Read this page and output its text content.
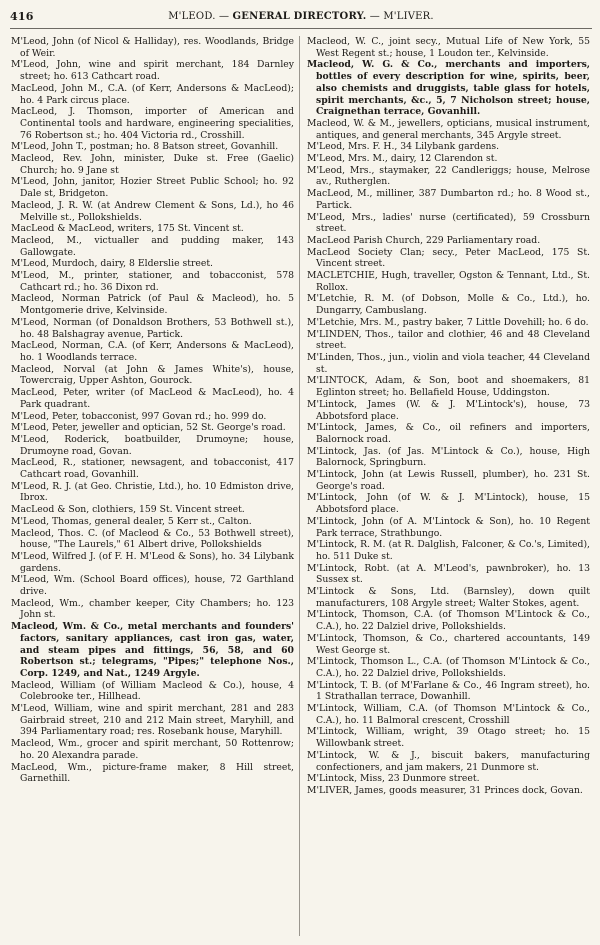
416	M'LEOD. — GENERAL DIRECTORY. — M'LIVER.

M'Leod, John (of Nicol & Halliday), res. Woodlands, Bridge of Weir.

M'Leod, John, wine and spirit merchant, 184 Darnley street; ho. 613 Cathcart road.

MacLeod, John M., C.A. (of Kerr, Andersons & MacLeod); ho. 4 Park circus place.

MacLeod, J. Thomson, importer of American and Continental tools and hardware, engineering specialities, 76 Robertson st.; ho. 404 Victoria rd., Crosshill.

M'Leod, John T., postman; ho. 8 Batson street, Govanhill.

Macleod, Rev. John, minister, Duke st. Free (Gaelic) Church; ho. 9 Jane st

M'Leod, John, janitor, Hozier Street Public School; ho. 92 Dale st, Bridgeton.

Macleod, J. R. W. (at Andrew Clement & Sons, Ld.), ho 46 Melville st., Pollokshields.

MacLeod & MacLeod, writers, 175 St. Vincent st.

Macleod, M., victualler and pudding maker, 143 Gallowgate.

M'Leod, Murdoch, dairy, 8 Elderslie street.

M'Leod, M., printer, stationer, and tobacconist, 578 Cathcart rd.; ho. 36 Dixon rd.

Macleod, Norman Patrick (of Paul & Macleod), ho. 5 Montgomerie drive, Kelvinside.

M'Leod, Norman (of Donaldson Brothers, 53 Bothwell st.), ho. 48 Balshagray avenue, Partick.

MacLeod, Norman, C.A. (of Kerr, Andersons & MacLeod), ho. 1 Woodlands terrace.

Macleod, Norval (at John & James White's), house, Towercraig, Upper Ashton, Gourock.

MacLeod, Peter, writer (of MacLeod & MacLeod), ho. 4 Park quadrant.

M'Leod, Peter, tobacconist, 997 Govan rd.; ho. 999 do.

M'Leod, Peter, jeweller and optician, 52 St. George's road.

M'Leod, Roderick, boatbuilder, Drumoyne; house, Drumoyne road, Govan.

MacLeod, R., stationer, newsagent, and tobacconist, 417 Cathcart road, Govanhill.

M'Leod, R. J. (at Geo. Christie, Ltd.), ho. 10 Edmiston drive, Ibrox.

MacLeod & Son, clothiers, 159 St. Vincent street.

M'Leod, Thomas, general dealer, 5 Kerr st., Calton.

Macleod, Thos. C. (of Macleod & Co., 53 Bothwell street), house, "The Laurels," 61 Albert drive, Pollokshields

M'Leod, Wilfred J. (of F. H. M'Leod & Sons), ho. 34 Lilybank gardens.

M'Leod, Wm. (School Board offices), house, 72 Garthland drive.

Macleod, Wm., chamber keeper, City Chambers; ho. 123 John st.

Macleod, Wm. & Co., metal merchants and founders' factors, sanitary appliances, cast iron gas, water, and steam pipes and fittings, 56, 58, and 60 Robertson st.; telegrams, "Pipes;" telephone Nos., Corp. 1249, and Nat., 1249 Argyle.

Macleod, William (of William Macleod & Co.), house, 4 Colebrooke ter., Hillhead.

M'Leod, William, wine and spirit merchant, 281 and 283 Gairbraid street, 210 and 212 Main street, Maryhill, and 394 Parliamentary road; res. Rosebank house, Maryhill.

Macleod, Wm., grocer and spirit merchant, 50 Rottenrow; ho. 20 Alexandra parade.

MacLeod, Wm., picture-frame maker, 8 Hill street, Garnethill.

Macleod, W. C., joint secy., Mutual Life of New York, 55 West Regent st.; house, 1 Loudon ter., Kelvinside.

Macleod, W. G. & Co., merchants and importers, bottles of every description for wine, spirits, beer, also chemists and druggists, table glass for hotels, spirit merchants, &c., 5, 7 Nicholson street; house, Craignethan terrace, Govanhill.

Macleod, W. & M., jewellers, opticians, musical instrument, antiques, and general merchants, 345 Argyle street.

M'Leod, Mrs. F. H., 34 Lilybank gardens.

M'Leod, Mrs. M., dairy, 12 Clarendon st.

M'Leod, Mrs., staymaker, 22 Candleriggs; house, Melrose av., Rutherglen.

MacLeod, M., milliner, 387 Dumbarton rd.; ho. 8 Wood st., Partick.

M'Leod, Mrs., ladies' nurse (certificated), 59 Crossburn street.

MacLeod Parish Church, 229 Parliamentary road.

MacLeod Society Clan; secy., Peter MacLeod, 175 St. Vincent street.

MACLETCHIE, Hugh, traveller, Ogston & Tennant, Ltd., St. Rollox.

M'Letchie, R. M. (of Dobson, Molle & Co., Ltd.), ho. Dungarry, Cambuslang.

M'Letchie, Mrs. M., pastry baker, 7 Little Dovehill; ho. 6 do.

M'LINDEN, Thos., tailor and clothier, 46 and 48 Cleveland street.

M'Linden, Thos., jun., violin and viola teacher, 44 Cleveland st.

M'LINTOCK, Adam, & Son, boot and shoemakers, 81 Eglinton street; ho. Bellafield House, Uddingston.

M'Lintock, James (W. & J. M'Lintock's), house, 73 Abbotsford place.

M'Lintock, James, & Co., oil refiners and importers, Balornock road.

M'Lintock, Jas. (of Jas. M'Lintock & Co.), house, High Balornock, Springburn.

M'Lintock, John (at Lewis Russell, plumber), ho. 231 St. George's road.

M'Lintock, John (of W. & J. M'Lintock), house, 15 Abbotsford place.

M'Lintock, John (of A. M'Lintock & Son), ho. 10 Regent Park terrace, Strathbungo.

M'Lintock, R. M. (at R. Dalglish, Falconer, & Co.'s, Limited), ho. 511 Duke st.

M'Lintock, Robt. (at A. M'Leod's, pawnbroker), ho. 13 Sussex st.

M'Lintock & Sons, Ltd. (Barnsley), down quilt manufacturers, 108 Argyle street; Walter Stokes, agent.

M'Lintock, Thomson, C.A. (of Thomson M'Lintock & Co., C.A.), ho. 22 Dalziel drive, Pollokshields.

M'Lintock, Thomson, & Co., chartered accountants, 149 West George st.

M'Lintock, Thomson L., C.A. (of Thomson M'Lintock & Co., C.A.), ho. 22 Dalziel drive, Pollokshields.

M'Lintock, T. B. (of M'Farlane & Co., 46 Ingram street), ho. 1 Strathallan terrace, Dowanhill.

M'Lintock, William, C.A. (of Thomson M'Lintock & Co., C.A.), ho. 11 Balmoral crescent, Crosshill

M'Lintock, William, wright, 39 Otago street; ho. 15 Willowbank street.

M'Lintock, W. & J., biscuit bakers, manufacturing confectioners, and jam makers, 21 Dunmore st.

M'Lintock, Miss, 23 Dunmore street.

M'LIVER, James, goods measurer, 31 Princes dock, Govan.
